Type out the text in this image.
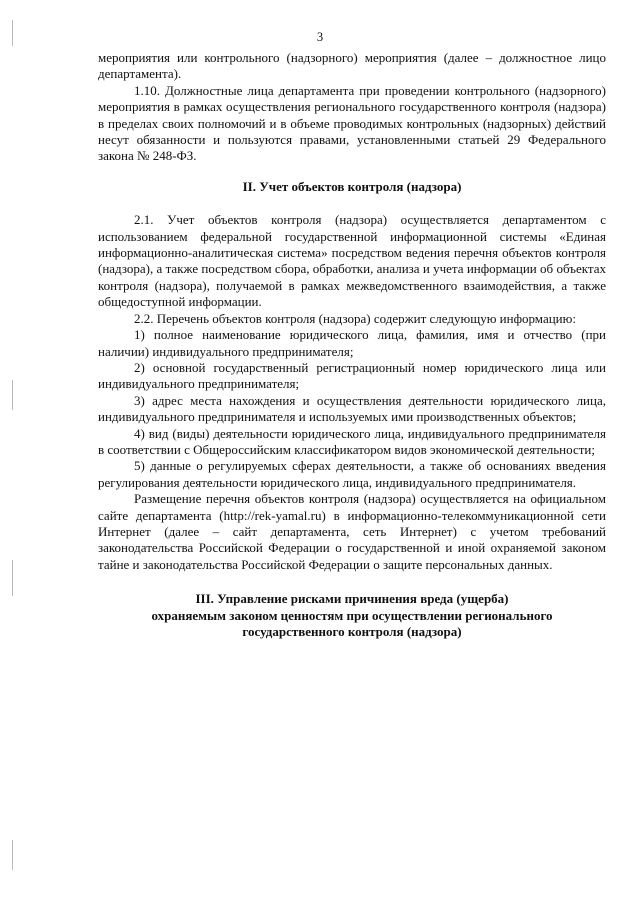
3

мероприятия или контрольного (надзорного) мероприятия (далее – должностное лицо департамента).

1.10. Должностные лица департамента при проведении контрольного (надзорного) мероприятия в рамках осуществления регионального государственного контроля (надзора) в пределах своих полномочий и в объеме проводимых контрольных (надзорных) действий несут обязанности и пользуются правами, установленными статьей 29 Федерального закона № 248-ФЗ.

II. Учет объектов контроля (надзора)

2.1. Учет объектов контроля (надзора) осуществляется департаментом с использованием федеральной государственной информационной системы «Единая информационно-аналитическая система» посредством ведения перечня объектов контроля (надзора), а также посредством сбора, обработки, анализа и учета информации об объектах контроля (надзора), получаемой в рамках межведомственного взаимодействия, а также общедоступной информации.

2.2. Перечень объектов контроля (надзора) содержит следующую информацию:

1) полное наименование юридического лица, фамилия, имя и отчество (при наличии) индивидуального предпринимателя;

2) основной государственный регистрационный номер юридического лица или индивидуального предпринимателя;

3) адрес места нахождения и осуществления деятельности юридического лица, индивидуального предпринимателя и используемых ими производственных объектов;

4) вид (виды) деятельности юридического лица, индивидуального предпринимателя в соответствии с Общероссийским классификатором видов экономической деятельности;

5) данные о регулируемых сферах деятельности, а также об основаниях введения регулирования деятельности юридического лица, индивидуального предпринимателя.

Размещение перечня объектов контроля (надзора) осуществляется на официальном сайте департамента (http://rek-yamal.ru) в информационно-телекоммуникационной сети Интернет (далее – сайт департамента, сеть Интернет) с учетом требований законодательства Российской Федерации о государственной и иной охраняемой законом тайне и законодательства Российской Федерации о защите персональных данных.

III. Управление рисками причинения вреда (ущерба)
охраняемым законом ценностям при осуществлении регионального
государственного контроля (надзора)
